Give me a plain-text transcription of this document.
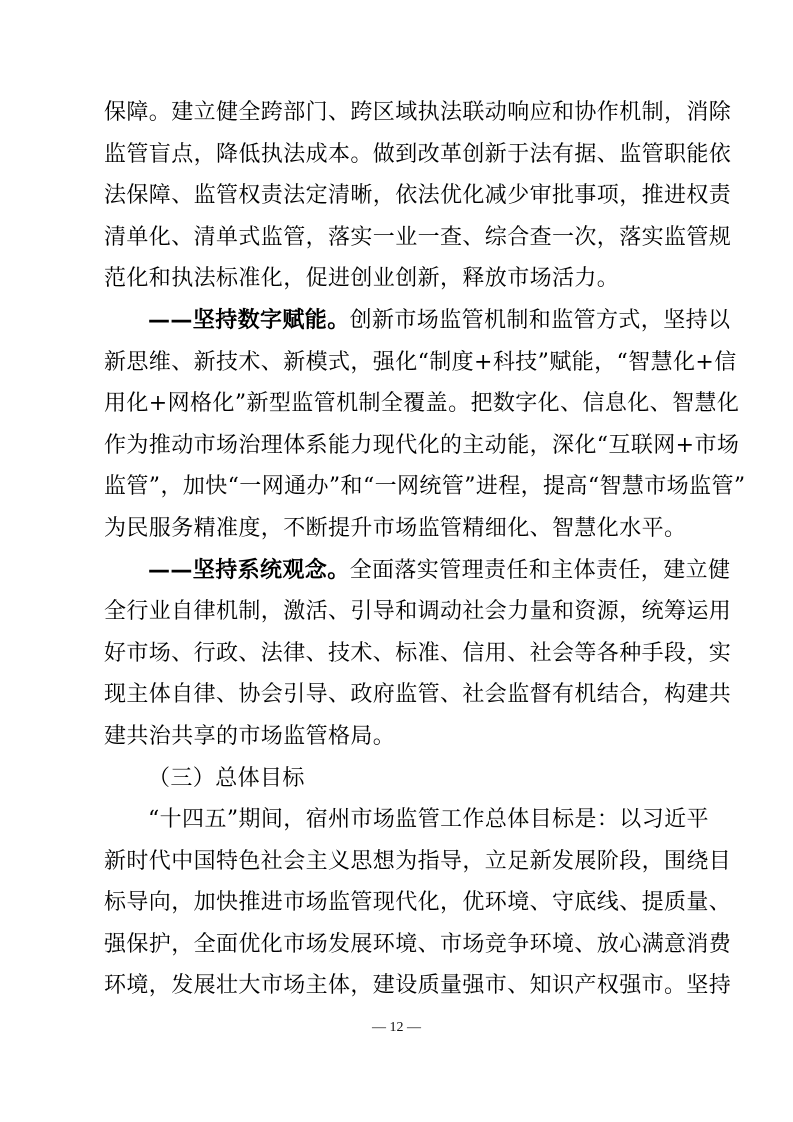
保障。建立健全跨部门、跨区域执法联动响应和协作机制，消除
监管盲点，降低执法成本。做到改革创新于法有据、监管职能依
法保障、监管权责法定清晰，依法优化减少审批事项，推进权责
清单化、清单式监管，落实一业一查、综合查一次，落实监管规
范化和执法标准化，促进创业创新，释放市场活力。
——坚持数字赋能。创新市场监管机制和监管方式，坚持以
新思维、新技术、新模式，强化“制度+科技”赋能，“智慧化+信
用化+网格化”新型监管机制全覆盖。把数字化、信息化、智慧化
作为推动市场治理体系能力现代化的主动能，深化“互联网+市场
监管”，加快“一网通办”和“一网统管”进程，提高“智慧市场监管”
为民服务精准度，不断提升市场监管精细化、智慧化水平。
——坚持系统观念。全面落实管理责任和主体责任，建立健
全行业自律机制，激活、引导和调动社会力量和资源，统筹运用
好市场、行政、法律、技术、标准、信用、社会等各种手段，实
现主体自律、协会引导、政府监管、社会监督有机结合，构建共
建共治共享的市场监管格局。
（三）总体目标
“十四五”期间，宿州市场监管工作总体目标是：以习近平
新时代中国特色社会主义思想为指导，立足新发展阶段，围绕目
标导向，加快推进市场监管现代化，优环境、守底线、提质量、
强保护，全面优化市场发展环境、市场竞争环境、放心满意消费
环境，发展壮大市场主体，建设质量强市、知识产权强市。坚持
— 12 —
